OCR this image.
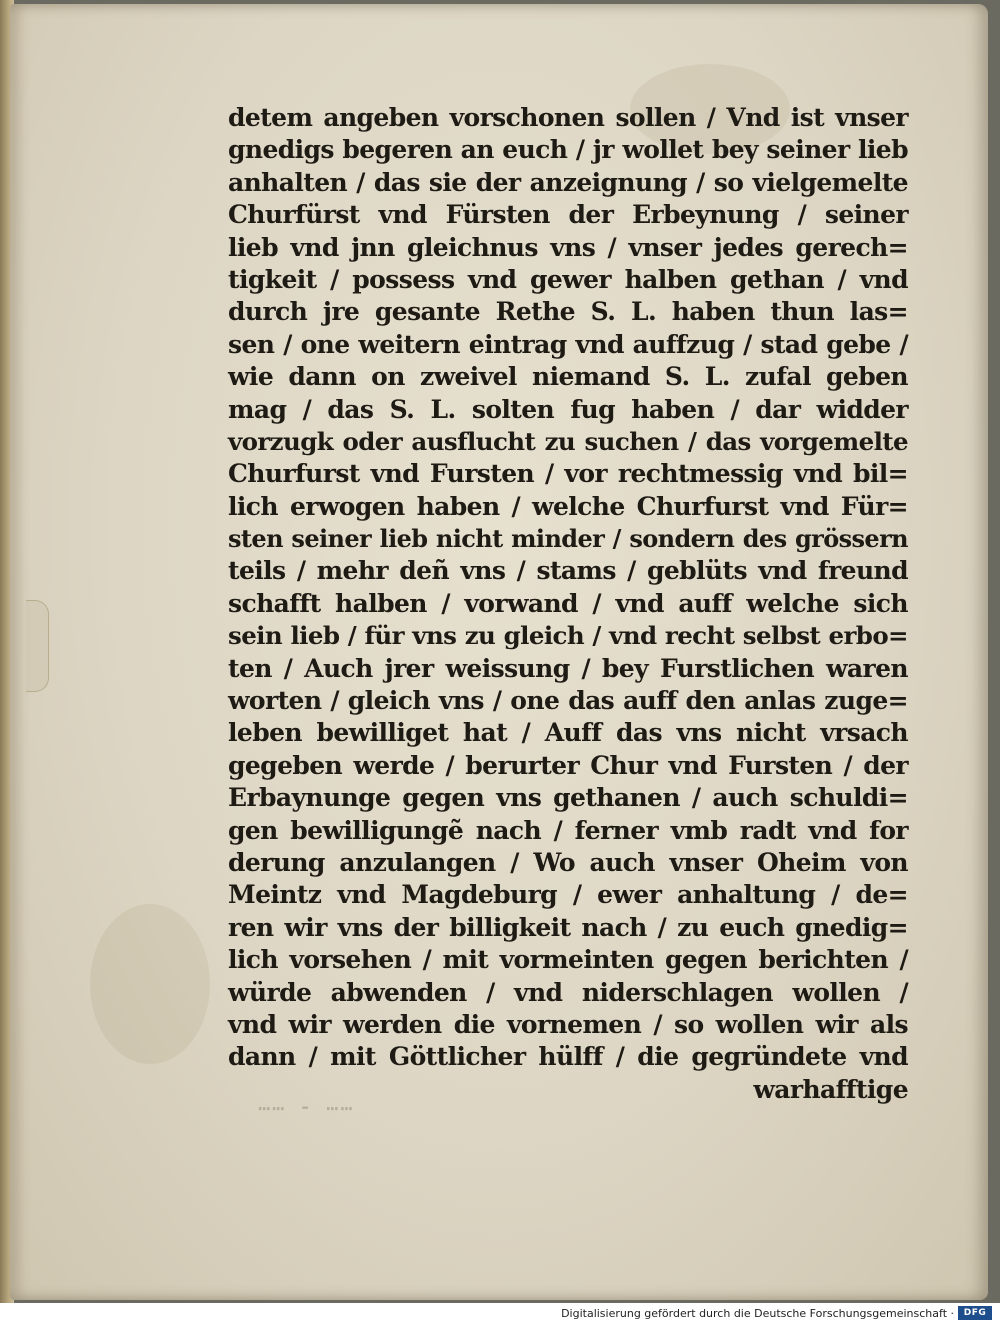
⋯⋯ ⁃ ⋯⋯
detem angeben vorschonen sollen / Vnd ist vnser
gnedigs begeren an euch / jr wollet bey seiner lieb
anhalten / das sie der anzeignung / so vielgemelte
Churfürst vnd Fürsten der Erbeynung / seiner
lieb vnd jnn gleichnus vns / vnser jedes gerech=
tigkeit / possess vnd gewer halben gethan / vnd
durch jre gesante Rethe S. L. haben thun las=
sen / one weitern eintrag vnd auffzug / stad gebe /
wie dann on zweivel niemand S. L. zufal geben
mag / das S. L. solten fug haben / dar widder
vorzugk oder ausflucht zu suchen / das vorgemelte
Churfurst vnd Fursten / vor rechtmessig vnd bil=
lich erwogen haben / welche Churfurst vnd Für=
sten seiner lieb nicht minder / sondern des grössern
teils / mehr deñ vns / stams / geblüts vnd freund
schafft halben / vorwand / vnd auff welche sich
sein lieb / für vns zu gleich / vnd recht selbst erbo=
ten / Auch jrer weissung / bey Furstlichen waren
worten / gleich vns / one das auff den anlas zuge=
leben bewilliget hat / Auff das vns nicht vrsach
gegeben werde / berurter Chur vnd Fursten / der
Erbaynunge gegen vns gethanen / auch schuldi=
gen bewilligungẽ nach / ferner vmb radt vnd for
derung anzulangen / Wo auch vnser Oheim von
Meintz vnd Magdeburg / ewer anhaltung / de=
ren wir vns der billigkeit nach / zu euch gnedig=
lich vorsehen / mit vormeinten gegen berichten /
würde abwenden / vnd niderschlagen wollen /
vnd wir werden die vornemen / so wollen wir als
dann / mit Göttlicher hülff / die gegründete vnd
warhafftige
Digitalisierung gefördert durch die Deutsche Forschungsgemeinschaft ·	DFG
